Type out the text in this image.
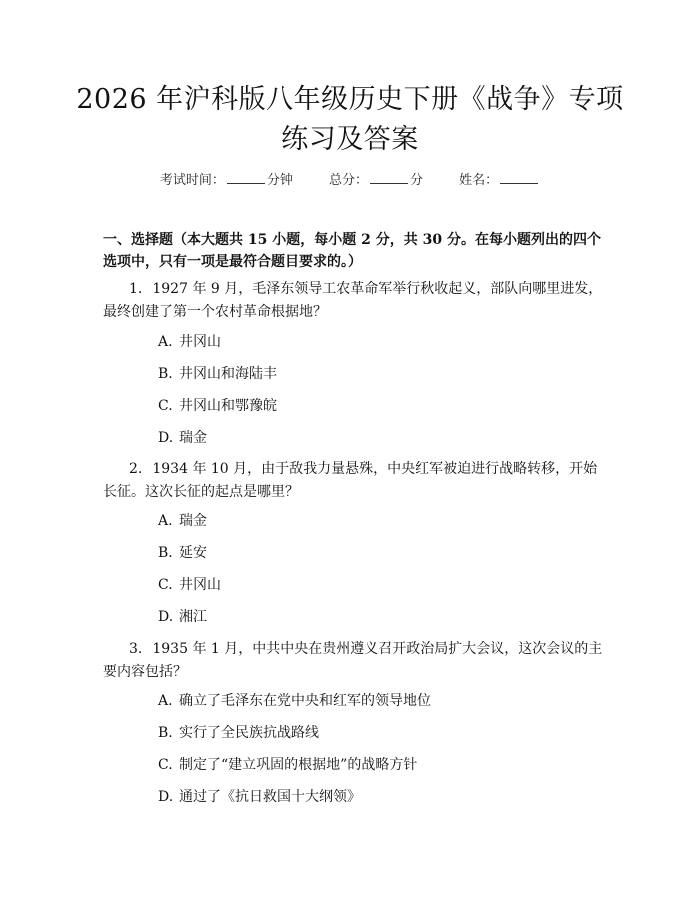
2026 年沪科版八年级历史下册《战争》专项
练习及答案
考试时间：	分钟	总分：	分	姓名：
一、选择题（本大题共 15 小题，每小题 2 分，共 30 分。在每小题列出的四个选项中，只有一项是最符合题目要求的。）
1. 1927 年 9 月，毛泽东领导工农革命军举行秋收起义，部队向哪里进发，最终创建了第一个农村革命根据地？
A. 井冈山
B. 井冈山和海陆丰
C. 井冈山和鄂豫皖
D. 瑞金
2. 1934 年 10 月，由于敌我力量悬殊，中央红军被迫进行战略转移，开始长征。这次长征的起点是哪里？
A. 瑞金
B. 延安
C. 井冈山
D. 湘江
3. 1935 年 1 月，中共中央在贵州遵义召开政治局扩大会议，这次会议的主要内容包括？
A. 确立了毛泽东在党中央和红军的领导地位
B. 实行了全民族抗战路线
C. 制定了“建立巩固的根据地”的战略方针
D. 通过了《抗日救国十大纲领》
